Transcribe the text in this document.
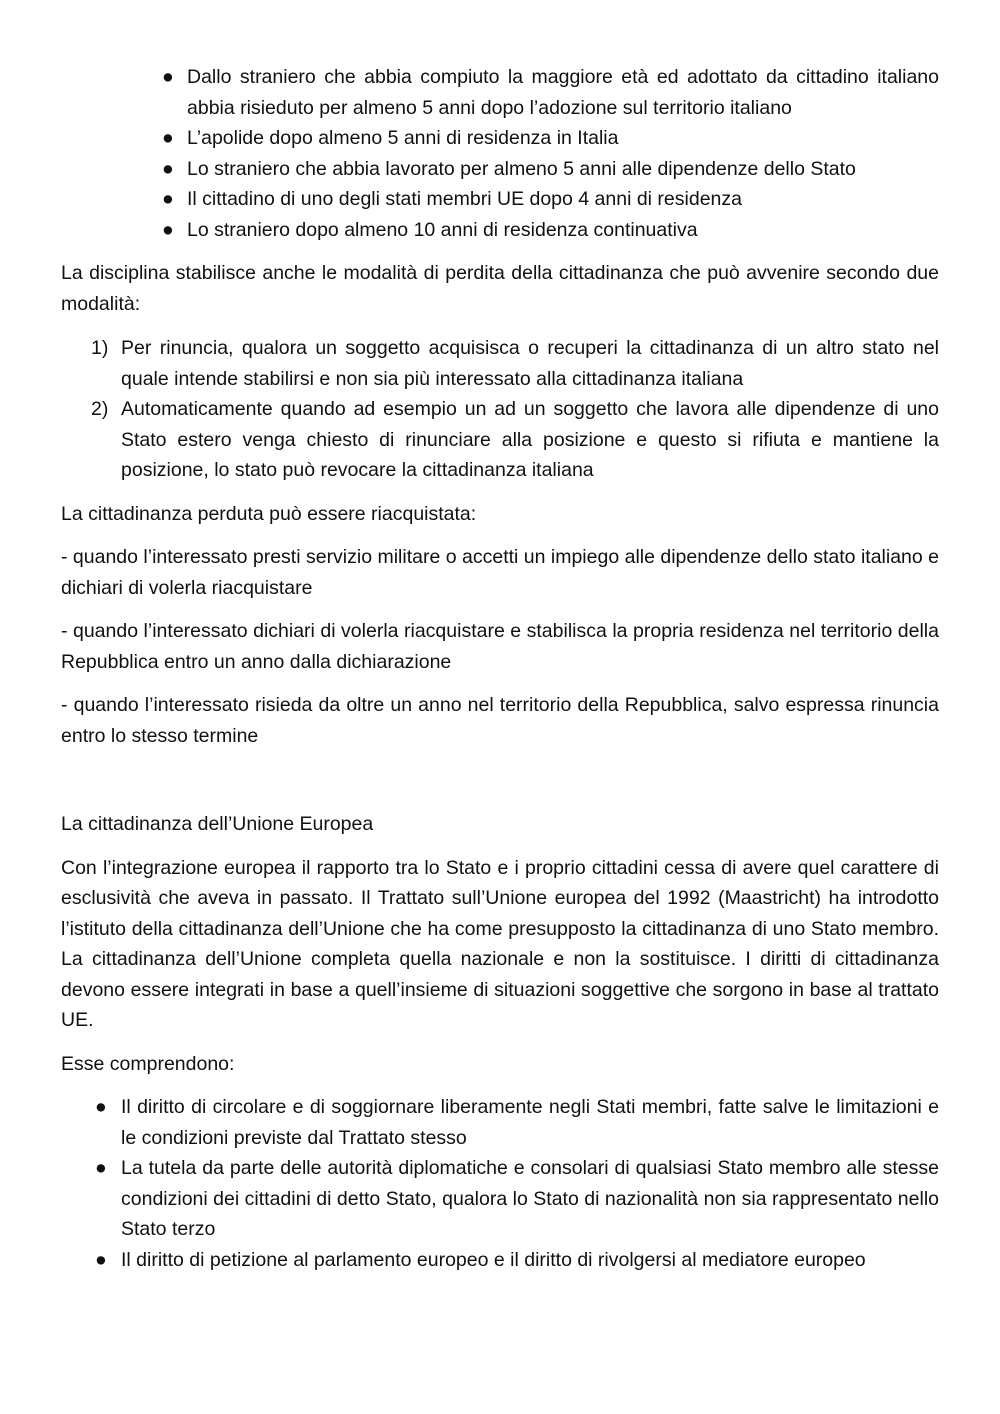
● Dallo straniero che abbia compiuto la maggiore età ed adottato da cittadino italiano abbia risieduto per almeno 5 anni dopo l’adozione sul territorio italiano
● L’apolide dopo almeno 5 anni di residenza in Italia
● Lo straniero che abbia lavorato per almeno 5 anni alle dipendenze dello Stato
● Il cittadino di uno degli stati membri UE dopo 4 anni di residenza
● Lo straniero dopo almeno 10 anni di residenza continuativa

La disciplina stabilisce anche le modalità di perdita della cittadinanza che può avvenire secondo due modalità:

1) Per rinuncia, qualora un soggetto acquisisca o recuperi la cittadinanza di un altro stato nel quale intende stabilirsi e non sia più interessato alla cittadinanza italiana
2) Automaticamente quando ad esempio un ad un soggetto che lavora alle dipendenze di uno Stato estero venga chiesto di rinunciare alla posizione e questo si rifiuta e mantiene la posizione, lo stato può revocare la cittadinanza italiana

La cittadinanza perduta può essere riacquistata:

- quando l’interessato presti servizio militare o accetti un impiego alle dipendenze dello stato italiano e dichiari di volerla riacquistare

- quando l’interessato dichiari di volerla riacquistare e stabilisca la propria residenza nel territorio della Repubblica entro un anno dalla dichiarazione

- quando l’interessato risieda da oltre un anno nel territorio della Repubblica, salvo espressa rinuncia entro lo stesso termine

La cittadinanza dell’Unione Europea

Con l’integrazione europea il rapporto tra lo Stato e i proprio cittadini cessa di avere quel carattere di esclusività che aveva in passato. Il Trattato sull’Unione europea del 1992 (Maastricht) ha introdotto l’istituto della cittadinanza dell’Unione che ha come presupposto la cittadinanza di uno Stato membro. La cittadinanza dell’Unione completa quella nazionale e non la sostituisce. I diritti di cittadinanza devono essere integrati in base a quell’insieme di situazioni soggettive che sorgono in base al trattato UE.

Esse comprendono:

● Il diritto di circolare e di soggiornare liberamente negli Stati membri, fatte salve le limitazioni e le condizioni previste dal Trattato stesso
● La tutela da parte delle autorità diplomatiche e consolari di qualsiasi Stato membro alle stesse condizioni dei cittadini di detto Stato, qualora lo Stato di nazionalità non sia rappresentato nello Stato terzo
● Il diritto di petizione al parlamento europeo e il diritto di rivolgersi al mediatore europeo
